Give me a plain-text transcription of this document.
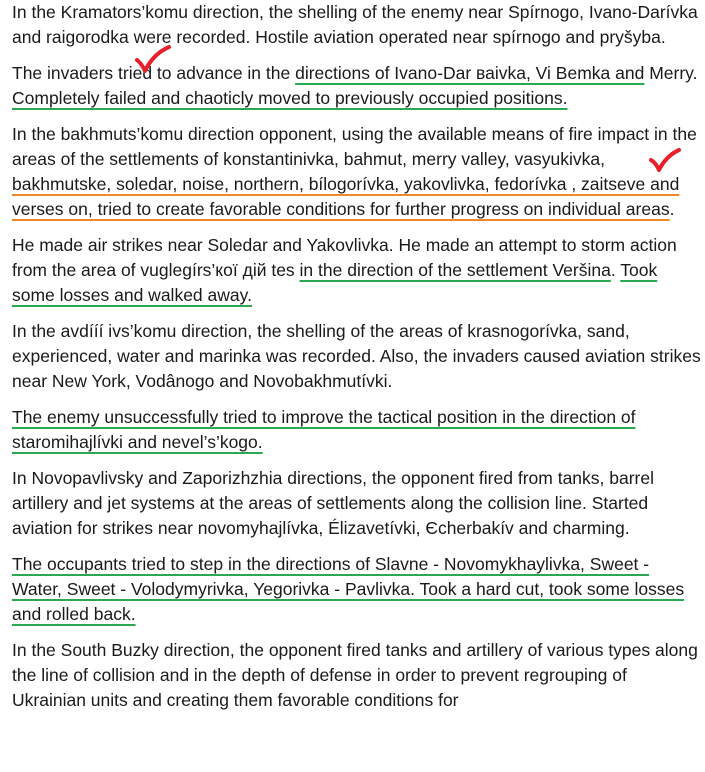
In the Kramators’komu direction, the shelling of the enemy near Spírnogo, Ivano-Darívka and raigorodka were recorded. Hostile aviation operated near spírnogo and pryšyba.

The invaders tried to advance in the directions of Ivano-Dar ваivka, Vi Bemka and Merry. Completely failed and chaoticly moved to previously occupied positions.

In the bakhmuts’komu direction opponent, using the available means of fire impact in the areas of the settlements of konstantinivka, bahmut, merry valley, vasyukivka, bakhmutske, soledar, noise, northern, bílogorívka, yakovlivka, fedorívka , zaitseve and verses on, tried to create favorable conditions for further progress on individual areas.

He made air strikes near Soledar and Yakovlivka. He made an attempt to storm action from the area of vuglegírs’кої дій tes in the direction of the settlement Veršina. Took some losses and walked away.

In the avdííí ivs’komu direction, the shelling of the areas of krasnogorívka, sand, experienced, water and marinka was recorded. Also, the invaders caused aviation strikes near New York, Vodânogo and Novobakhmutívki.

The enemy unsuccessfully tried to improve the tactical position in the direction of staromihajlívki and nevel’s’kogo.

In Novopavlivsky and Zaporizhzhia directions, the opponent fired from tanks, barrel artillery and jet systems at the areas of settlements along the collision line. Started aviation for strikes near novomyhajlívka, Élizavetívki, Єcherbakív and charming.

The occupants tried to step in the directions of Slavne - Novomykhaylivka, Sweet - Water, Sweet - Volodymyrivka, Yegorivka - Pavlivka. Took a hard cut, took some losses and rolled back.

In the South Buzky direction, the opponent fired tanks and artillery of various types along the line of collision and in the depth of defense in order to prevent regrouping of Ukrainian units and creating them favorable conditions for
